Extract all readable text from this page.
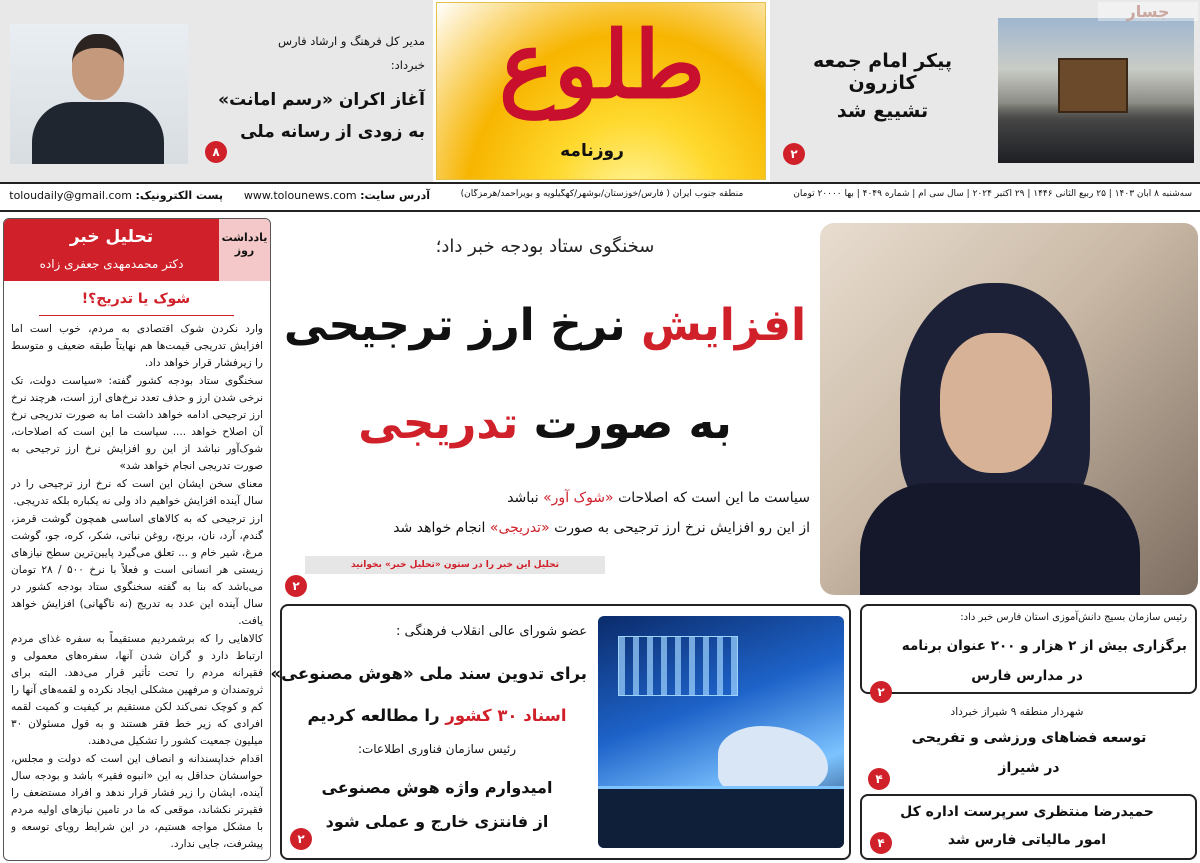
پیکر امام جمعه کازرون
تشییع شد
۲
جسار
طلوع
روزنامه
مدیر کل فرهنگ و ارشاد فارس
خبرداد:
آغاز اکران «رسم امانت»
به زودی از رسانه ملی
۸
سه‌شنبه ۸ آبان ۱۴۰۳ | ۲۵ ربیع الثانی ۱۴۴۶ | ۲۹ اکتبر ۲۰۲۴ | سال سی ام | شماره ۴۰۴۹ | بها ۲۰۰۰۰ تومان
منطقه جنوب ایران ( فارس/خوزستان/بوشهر/کهگیلویه و بویراحمد/هرمزگان)
آدرس سایت: www.tolounews.com
پست الکترونیک: toloudaily@gmail.com
تحلیل خبر
دکتر محمدمهدی جعفری زاده
یادداشت
روز
شوک یا تدریج؟!

وارد نکردن شوک اقتصادی به مردم، خوب است اما افزایش تدریجی قیمت‌ها هم نهایتاً طبقه ضعیف و متوسط را زیرفشار قرار خواهد داد.

سخنگوی ستاد بودجه کشور گفته: «سیاست دولت، تک نرخی شدن ارز و حذف تعدد نرخ‌های ارز است، هرچند نرخ ارز ترجیحی ادامه خواهد داشت اما به صورت تدریجی نرخ آن اصلاح خواهد .... سیاست ما این است که اصلاحات، شوک‌آور نباشد از این رو افزایش نرخ ارز ترجیحی به صورت تدریجی انجام خواهد شد»

معنای سخن ایشان این است که نرخ ارز ترجیحی را در سال آینده افزایش خواهیم داد ولی نه یکباره بلکه تدریجی.

ارز ترجیحی که به کالاهای اساسی همچون گوشت قرمز، گندم، آرد، نان، برنج، روغن نباتی، شکر، کره، جو، گوشت مرغ، شیر خام و ... تعلق می‌گیرد پایین‌ترین سطح نیازهای زیستی هر انسانی است و فعلاً با نرخ ۵۰۰ / ۲۸ تومان می‌باشد که بنا به گفته سخنگوی ستاد بودجه کشور در سال آینده این عدد به تدریج (نه ناگهانی) افزایش خواهد یافت.

کالاهایی را که برشمردیم مستقیماً به سفره غذای مردم ارتباط دارد و گران شدن آنها، سفره‌های معمولی و فقیرانه مردم را تحت تأثیر قرار می‌دهد. البته برای ثروتمندان و مرفهین مشکلی ایجاد نکرده و لقمه‌های آنها را کم و کوچک نمی‌کند لکن مستقیم بر کیفیت و کمیت لقمه افرادی که زیر خط فقر هستند و به قول مسئولان ۳۰ میلیون جمعیت کشور را تشکیل می‌دهند.

اقدام خداپسندانه و انصاف این است که دولت و مجلس، حواسشان حداقل به این «انبوه فقیر» باشد و بودجه سال آینده، ایشان را زیر فشار قرار ندهد و افراد مستضعف را فقیرتر نکشاند، موقعی که ما در تامین نیازهای اولیه مردم با مشکل مواجه هستیم، در این شرایط رویای توسعه و پیشرفت، جایی ندارد.

سخنگوی ستاد بودجه خبر داد؛
افزایش نرخ ارز ترجیحی
به صورت تدریجی
سیاست ما این است که اصلاحات «شوک آور» نباشد
از این رو افزایش نرخ ارز ترجیحی به صورت «تدریجی» انجام خواهد شد
تحلیل این خبر را در ستون «تحلیل خبر» بخوانید
۲
عضو شورای عالی انقلاب فرهنگی :
برای تدوین سند ملی «هوش مصنوعی»
اسناد ۳۰ کشور را مطالعه کردیم
رئیس سازمان فناوری اطلاعات:
امیدوارم واژه هوش مصنوعی
از فانتزی خارج و عملی شود
۲
رئیس سازمان بسیج دانش‌آموزی استان فارس خبر داد:
برگزاری بیش از ۲ هزار و ۲۰۰ عنوان برنامه
در مدارس فارس
۲
شهردار منطقه ۹ شیراز خبرداد
توسعه فضاهای ورزشی و تفریحی
در شیراز
۴
حمیدرضا منتظری سرپرست اداره کل
امور مالیاتی فارس شد
۴
